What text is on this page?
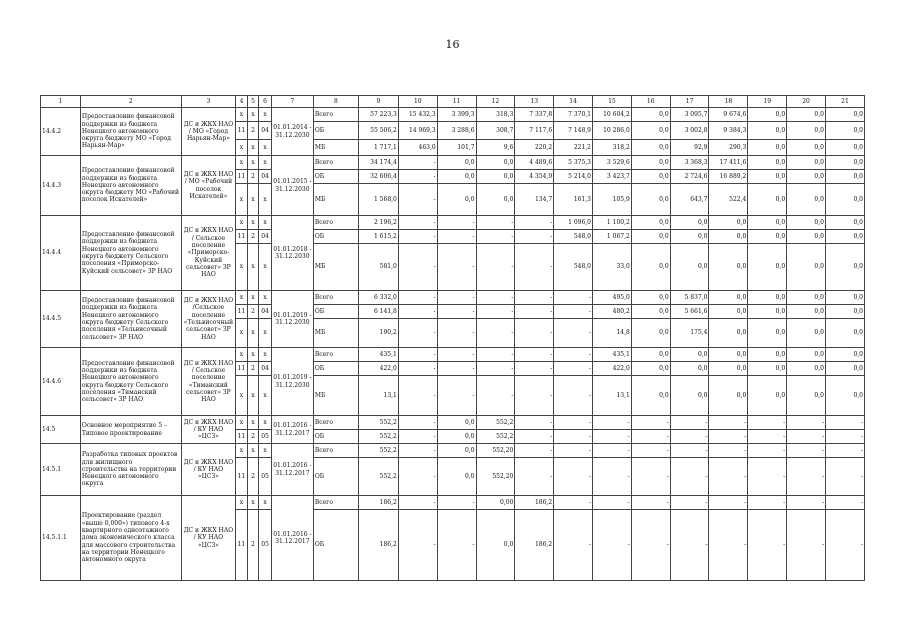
16
1	2	3	4	5	6	7	8	9	10	11	12	13	14	15	16	17	18	19	20	21
14.4.2	Предоставление финансовой поддержки из бюджета Ненецкого автономного округа бюджету МО «Город Нарьян-Мар»	ДС и ЖКХ НАО / МО «Город Нарьян-Мар»	x	x	x	01.01.2014 - 31.12.2030	Всего	57 223,3	15 432,3	3 399,3	318,3	7 337,8	7 370,1	10 604,2	0,0	3 095,7	9 674,6	0,0	0,0	0,0
			11	2	04		ОБ	55 506,2	14 969,3	3 288,6	308,7	7 117,6	7 148,9	10 286,0	0,0	3 002,8	9 384,3	0,0	0,0	0,0
			x	x	x		МБ	1 717,1	463,0	101,7	9,6	220,2	221,2	318,2	0,0	92,9	290,3	0,0	0,0	0,0
14.4.3	Предоставление финансовой поддержки из бюджета Ненецкого автономного округа бюджету МО «Рабочий поселок Искателей»	ДС и ЖКХ НАО / МО «Рабочий поселок Искателей»	x	x	x	01.01.2015 - 31.12.2030	Всего	34 174,4	-	0,0	0,0	4 489,6	5 375,3	3 529,6	0,0	3 368,3	17 411,6	0,0	0,0	0,0
			11	2	04		ОБ	32 606,4	-	0,0	0,0	4 354,9	5 214,0	3 423,7	0,0	2 724,6	16 889,2	0,0	0,0	0,0
			x	x	x		МБ	1 568,0	-	0,0	0,0	134,7	161,3	105,9	0,0	643,7	522,4	0,0	0,0	0,0
14.4.4	Предоставление финансовой поддержки из бюджета Ненецкого автономного округа бюджету Сельского поселения «Приморско-Куйский сельсовет» ЗР НАО	ДС и ЖКХ НАО / Сельское поселение «Приморско-Куйский сельсовет» ЗР НАО	x	x	x	01.01.2018 - 31.12.2030	Всего	2 196,2	-	-	-	-	1 096,0	1 100,2	0,0	0,0	0,0	0,0	0,0	0,0
			11	2	04		ОБ	1 615,2	-	-	-	-	548,0	1 067,2	0,0	0,0	0,0	0,0	0,0	0,0
			x	x	x		МБ	581,0	-	-	-	-	548,0	33,0	0,0	0,0	0,0	0,0	0,0	0,0
14.4.5	Предоставление финансовой поддержки из бюджета Ненецкого автономного округа бюджету Сельского поселения «Тельвисочный сельсовет» ЗР НАО	ДС и ЖКХ НАО /Сельское поселение «Тельвисочный сельсовет» ЗР НАО	x	x	x	01.01.2019 - 31.12.2030	Всего	6 332,0	-	-	-	-	-	495,0	0,0	5 837,0	0,0	0,0	0,0	0,0
			11	2	04		ОБ	6 141,8	-	-	-	-	-	480,2	0,0	5 661,6	0,0	0,0	0,0	0,0
			x	x	x		МБ	190,2	-	-	-	-	-	14,8	0,0	175,4	0,0	0,0	0,0	0,0
14.4.6	Предоставление финансовой поддержки из бюджета Ненецкого автономного округа бюджету Сельского поселения «Тиманский сельсовет» ЗР НАО	ДС и ЖКХ НАО / Сельское поселение «Тиманский сельсовет» ЗР НАО	x	x	x	01.01.2019 - 31.12.2030	Всего	435,1	-	-	-	-	-	435,1	0,0	0,0	0,0	0,0	0,0	0,0
			11	2	04		ОБ	422,0	-	-	-	-	-	422,0	0,0	0,0	0,0	0,0	0,0	0,0
			x	x	x		МБ	13,1	-	-	-	-	-	13,1	0,0	0,0	0,0	0,0	0,0	0,0
14.5	Основное мероприятие 5 – Типовое проектирование	ДС и ЖКХ НАО / КУ НАО «ЦСЗ»	x	x	x	01.01.2016 - 31.12.2017	Всего	552,2	-	0,0	552,2	-	-	-	-	-	-	-	-	-
			11	2	05		ОБ	552,2	-	0,0	552,2	-	-	-	-	-	-	-	-	-
14.5.1	Разработка типовых проектов для жилищного строительства на территории Ненецкого автономного округа	ДС и ЖКХ НАО / КУ НАО «ЦСЗ»	x	x	x	01.01.2016 - 31.12.2017	Всего	552,2	-	0,0	552,20	-	-	-	-	-	-	-	-	-
			11	2	05		ОБ	552,2	-	0,0	552,20	-	-	-	-	-	-	-	-	-
14.5.1.1	Проектирование (раздел «выше 0,000») типового 4-х квартирного одноэтажного дома экономического класса для массового строительства на территории Ненецкого автономного округа	ДС и ЖКХ НАО / КУ НАО «ЦСЗ»	x	x	x	01.01.2016 - 31.12.2017	Всего	186,2	-	-	0,00	186,2	-	-	-	-	-	-	-	-
			11	2	05		ОБ	186,2	-	-	0,0	186,2	-	-	-	-	-	-	-	-
